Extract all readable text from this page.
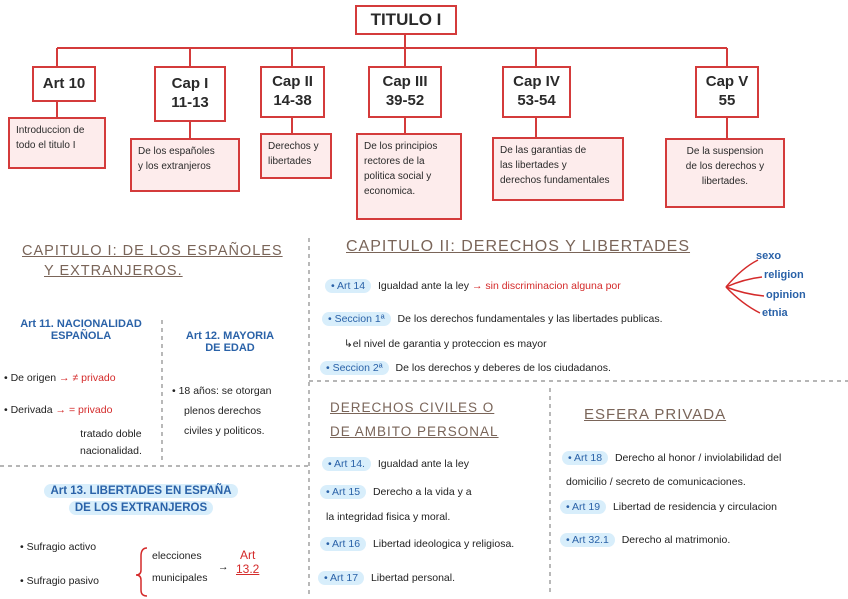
TITULO I
Art 10	Cap I
11-13
Cap II
14-38
Cap III
39-52
Cap IV
53-54
Cap V
55
Introduccion de
todo el titulo I
De los españoles
y los extranjeros
Derechos y
libertades
De los principios
rectores de la
politica social y
economica.
De las garantias de
las libertades y
derechos fundamentales
De la suspension
de los derechos y
libertades.
CAPITULO I: DE LOS ESPAÑOLES
Y EXTRANJEROS.
Art 11. NACIONALIDAD
ESPAÑOLA
• De origen → ≠ privado
• Derivada → = privado
tratado doble
nacionalidad.
Art 12. MAYORIA
DE EDAD
• 18 años: se otorgan
plenos derechos
civiles y politicos.
Art 13. LIBERTADES EN ESPAÑA DE LOS EXTRANJEROS
• Sufragio activo
• Sufragio pasivo
elecciones
municipales
→
Art
13.2
CAPITULO II: DERECHOS Y LIBERTADES
• Art 14 Igualdad ante la ley → sin discriminacion alguna por
sexo
religion
opinion
etnia
• Seccion 1ª De los derechos fundamentales y las libertades publicas.
↳el nivel de garantia y proteccion es mayor
• Seccion 2ª De los derechos y deberes de los ciudadanos.
DERECHOS CIVILES O
DE AMBITO PERSONAL
• Art 14. Igualdad ante la ley
• Art 15 Derecho a la vida y a
la integridad fisica y moral.
• Art 16 Libertad ideologica y religiosa.
• Art 17 Libertad personal.
ESFERA PRIVADA
• Art 18 Derecho al honor / inviolabilidad del
domicilio / secreto de comunicaciones.
• Art 19 Libertad de residencia y circulacion
• Art 32.1 Derecho al matrimonio.
